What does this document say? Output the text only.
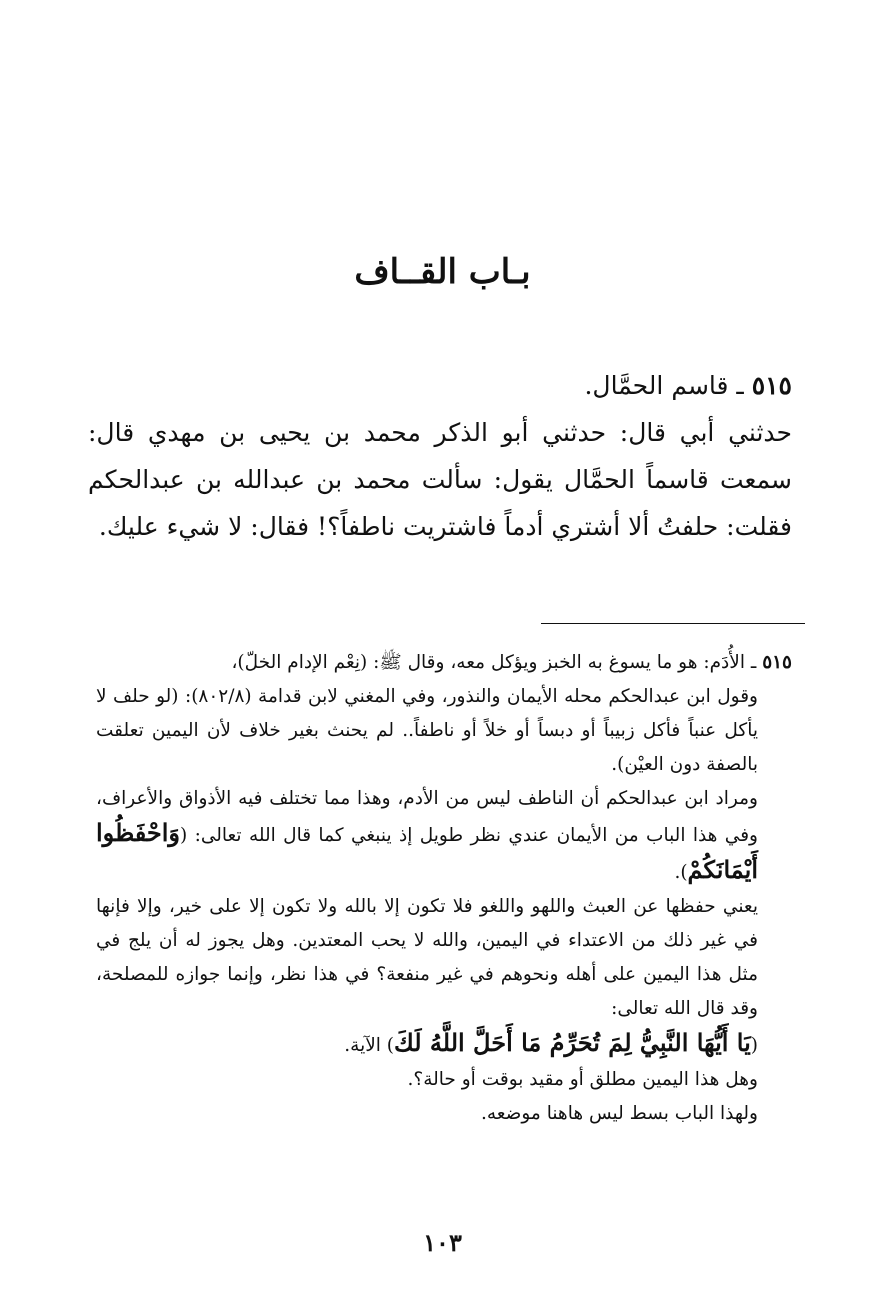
بـاب القــاف
٥١٥ ـ قاسم الحمَّال.
حدثني أبي قال: حدثني أبو الذكر محمد بن يحيى بن مهدي قال: سمعت قاسماً الحمَّال يقول: سألت محمد بن عبدالله بن عبدالحكم فقلت: حلفتُ ألا أشتري أدماً فاشتريت ناطفاً؟! فقال: لا شيء عليك.

٥١٥ ـ الأُدَم: هو ما يسوغ به الخبز ويؤكل معه، وقال ﷺ: (نِعْم الإدام الخلّ)،

وقول ابن عبدالحكم محله الأيمان والنذور، وفي المغني لابن قدامة (٨٠٢/٨): (لو حلف لا يأكل عنباً فأكل زبيباً أو دبساً أو خلاً أو ناطفاً.. لم يحنث بغير خلاف لأن اليمين تعلقت بالصفة دون العيْن).

ومراد ابن عبدالحكم أن الناطف ليس من الأدم، وهذا مما تختلف فيه الأذواق والأعراف، وفي هذا الباب من الأيمان عندي نظر طويل إذ ينبغي كما قال الله تعالى: (وَاحْفَظُوا أَيْمَانَكُمْ).

يعني حفظها عن العبث واللهو واللغو فلا تكون إلا بالله ولا تكون إلا على خير، وإلا فإنها في غير ذلك من الاعتداء في اليمين، والله لا يحب المعتدين. وهل يجوز له أن يلج في مثل هذا اليمين على أهله ونحوهم في غير منفعة؟ في هذا نظر، وإنما جوازه للمصلحة، وقد قال الله تعالى:

(يَا أَيُّهَا النَّبِيُّ لِمَ تُحَرِّمُ مَا أَحَلَّ اللَّهُ لَكَ) الآية.

وهل هذا اليمين مطلق أو مقيد بوقت أو حالة؟.

ولهذا الباب بسط ليس هاهنا موضعه.

١٠٣
